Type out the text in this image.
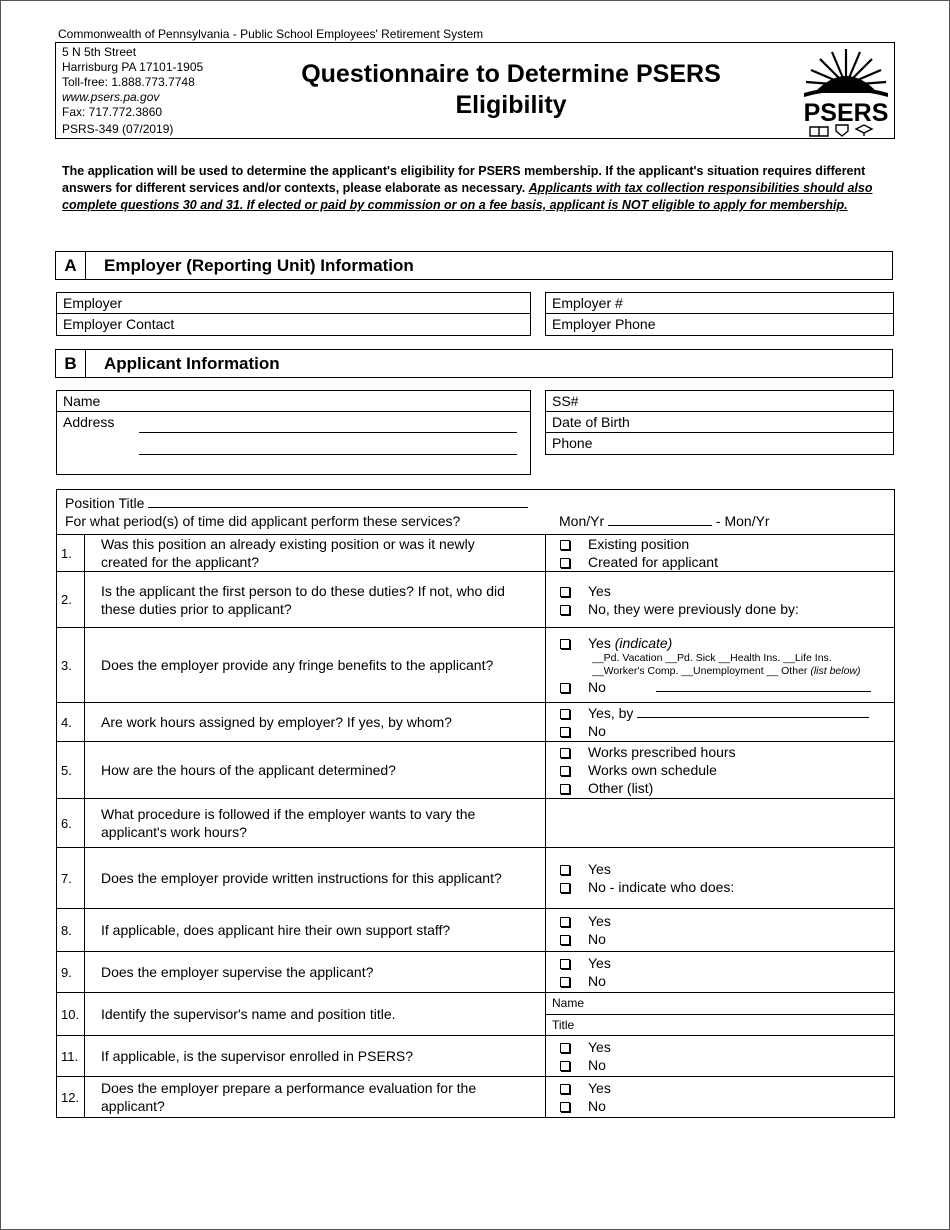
Commonwealth of Pennsylvania - Public School Employees' Retirement System
5 N 5th Street
Harrisburg PA 17101-1905
Toll-free: 1.888.773.7748
www.psers.pa.gov
Fax: 717.772.3860
PSRS-349 (07/2019)
Questionnaire to Determine PSERS Eligibility	PSERS
The application will be used to determine the applicant's eligibility for PSERS membership. If the applicant's situation requires different answers for different services and/or contexts, please elaborate as necessary. Applicants with tax collection responsibilities should also complete questions 30 and 31. If elected or paid by commission or on a fee basis, applicant is NOT eligible to apply for membership.
A	Employer (Reporting Unit) Information
Employer
Employer Contact
Employer #
Employer Phone
B	Applicant Information
Name
Address
SS#
Date of Birth
Phone
Position Title
For what period(s) of time did applicant perform these services? Mon/Yr - Mon/Yr		

1.	Was this position an already existing position or was it newly created for the applicant?	Existing position
Created for applicant

2.	Is the applicant the first person to do these duties? If not, who did these duties prior to applicant?	Yes
No, they were previously done by:

3.	Does the employer provide any fringe benefits to the applicant?	Yes (indicate)
__Pd. Vacation __Pd. Sick __Health Ins. __Life Ins.
__Worker's Comp. __Unemployment __ Other (list below)
No

4.	Are work hours assigned by employer? If yes, by whom?	Yes, by
No

5.	How are the hours of the applicant determined?	Works prescribed hours
Works own schedule
Other (list)

6.	What procedure is followed if the employer wants to vary the applicant's work hours?	
7.	Does the employer provide written instructions for this applicant?	Yes
No - indicate who does:

8.	If applicable, does applicant hire their own support staff?	Yes
No

9.	Does the employer supervise the applicant?	Yes
No

10.	Identify the supervisor's name and position title.	Name
Title

11.	If applicable, is the supervisor enrolled in PSERS?	Yes
No

12.	Does the employer prepare a performance evaluation for the applicant?	Yes
No
